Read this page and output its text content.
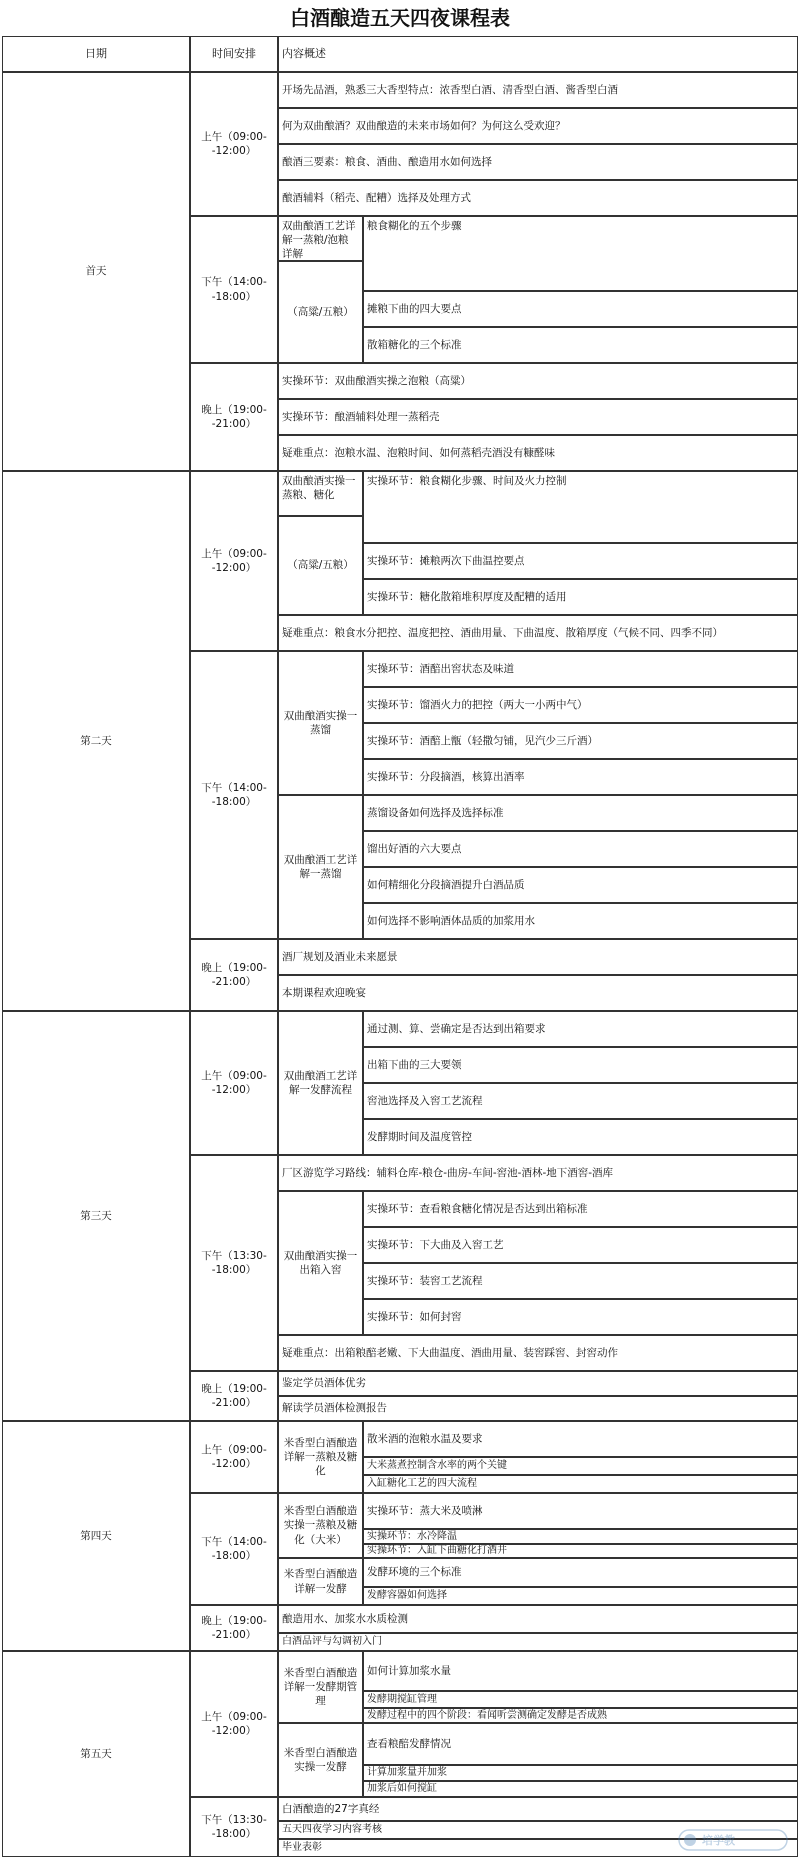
白酒酿造五天四夜课程表
日期	时间安排	内容概述
首天
上午（09:00--12:00）
开场先品酒，熟悉三大香型特点：浓香型白酒、清香型白酒、酱香型白酒
何为双曲酿酒？双曲酿造的未来市场如何？为何这么受欢迎？
酿酒三要素：粮食、酒曲、酿造用水如何选择
酿酒辅料（稻壳、配糟）选择及处理方式
下午（14:00--18:00）
双曲酿酒工艺详解一蒸粮/泡粮详解
（高粱/五粮）
粮食糊化的五个步骤
摊粮下曲的四大要点
散箱糖化的三个标准
晚上（19:00--21:00）
实操环节：双曲酿酒实操之泡粮（高粱）
实操环节：酿酒辅料处理一蒸稻壳
疑难重点：泡粮水温、泡粮时间、如何蒸稻壳酒没有糠醛味
第二天
上午（09:00--12:00）
双曲酿酒实操一蒸粮、糖化
（高粱/五粮）
实操环节：粮食糊化步骤、时间及火力控制
实操环节：摊粮两次下曲温控要点
实操环节：糖化散箱堆积厚度及配糟的适用
疑难重点：粮食水分把控、温度把控、酒曲用量、下曲温度、散箱厚度（气候不同、四季不同）
下午（14:00--18:00）
双曲酿酒实操一蒸馏
实操环节：酒醅出窖状态及味道
实操环节：馏酒火力的把控（两大一小两中气）
实操环节：酒醅上甑（轻撒匀铺，见汽少三斤酒）
实操环节：分段摘酒，核算出酒率
双曲酿酒工艺详解一蒸馏
蒸馏设备如何选择及选择标准
馏出好酒的六大要点
如何精细化分段摘酒提升白酒品质
如何选择不影响酒体品质的加浆用水
晚上（19:00--21:00）
酒厂规划及酒业未来愿景
本期课程欢迎晚宴
第三天
上午（09:00--12:00）
双曲酿酒工艺详解一发酵流程
通过测、算、尝确定是否达到出箱要求
出箱下曲的三大要领
窖池选择及入窖工艺流程
发酵期时间及温度管控
下午（13:30--18:00）
厂区游览学习路线：辅料仓库-粮仓-曲房-车间-窖池-酒林-地下酒窖-酒库
双曲酿酒实操一出箱入窖
实操环节：查看粮食糖化情况是否达到出箱标准
实操环节：下大曲及入窖工艺
实操环节：装窖工艺流程
实操环节：如何封窖
疑难重点：出箱粮醅老嫩、下大曲温度、酒曲用量、装窖踩窖、封窖动作
晚上（19:00--21:00）
鉴定学员酒体优劣
解读学员酒体检测报告
第四天
上午（09:00--12:00）
米香型白酒酿造详解一蒸粮及糖化
散米酒的泡粮水温及要求
大米蒸煮控制含水率的两个关键
入缸糖化工艺的四大流程
下午（14:00--18:00）
米香型白酒酿造实操一蒸粮及糖化（大米）
实操环节：蒸大米及喷淋
实操环节：水冷降温
实操环节：入缸下曲糖化打酒井
米香型白酒酿造详解一发酵
发酵环境的三个标准
发酵容器如何选择
晚上（19:00--21:00）
酿造用水、加浆水水质检测
白酒品评与勾调初入门
第五天
上午（09:00--12:00）
米香型白酒酿造详解一发酵期管理
如何计算加浆水量
发酵期搅缸管理
发酵过程中的四个阶段：看闻听尝测确定发酵是否成熟
米香型白酒酿造实操一发酵
查看粮醅发酵情况
计算加浆量并加浆
加浆后如何搅缸
下午（13:30--18:00）
白酒酿造的27字真经
五天四夜学习内容考核
毕业表彰
培学教
